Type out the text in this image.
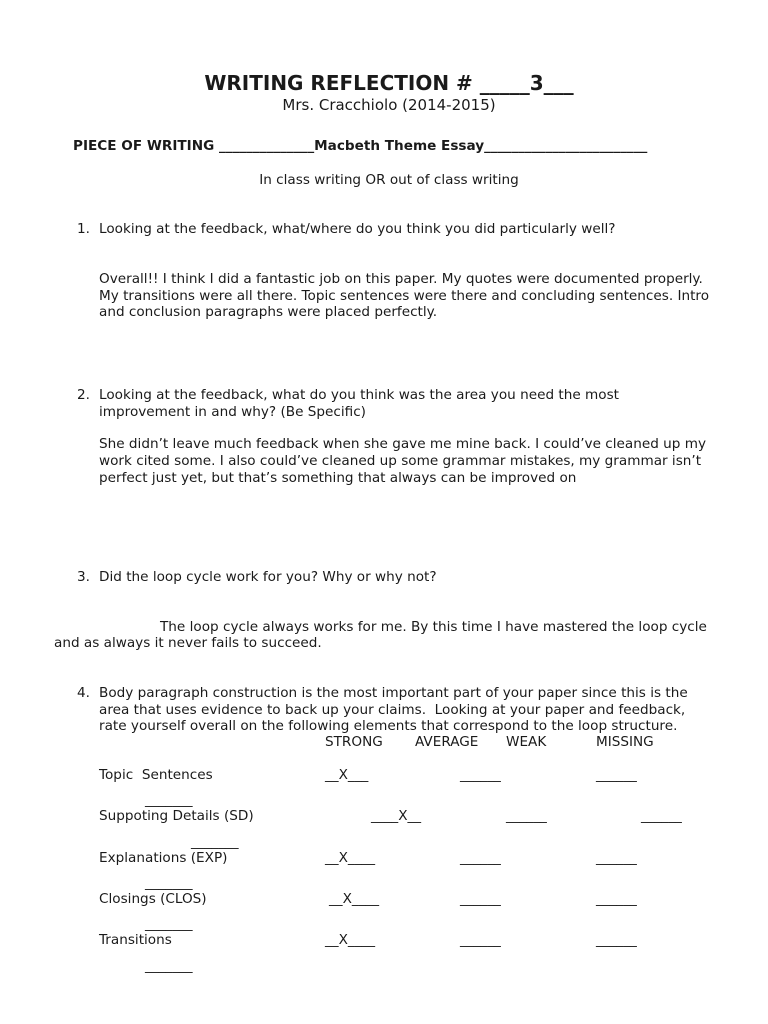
WRITING REFLECTION # _____3___
Mrs. Cracchiolo (2014-2015)
PIECE OF WRITING ______________Macbeth Theme Essay________________________
In class writing OR out of class writing
1. Looking at the feedback, what/where do you think you did particularly well?
Overall!! I think I did a fantastic job on this paper. My quotes were documented properly.
My transitions were all there. Topic sentences were there and concluding sentences. Intro
and conclusion paragraphs were placed perfectly.
2. Looking at the feedback, what do you think was the area you need the most
improvement in and why? (Be Specific)
She didn’t leave much feedback when she gave me mine back. I could’ve cleaned up my
work cited some. I also could’ve cleaned up some grammar mistakes, my grammar isn’t
perfect just yet, but that’s something that always can be improved on
3. Did the loop cycle work for you? Why or why not?
The loop cycle always works for me. By this time I have mastered the loop cycle
and as always it never fails to succeed.
4. Body paragraph construction is the most important part of your paper since this is the
area that uses evidence to back up your claims.  Looking at your paper and feedback,
rate yourself overall on the following elements that correspond to the loop structure.
STRONG AVERAGE WEAK	MISSING
Topic  Sentences	__X___	______	______
_______
Suppoting Details (SD)	____X__	______	______
_______
Explanations (EXP)	__X____	______	______
_______
Closings (CLOS)	__X____	______	______
_______
Transitions	__X____	______	______
_______
